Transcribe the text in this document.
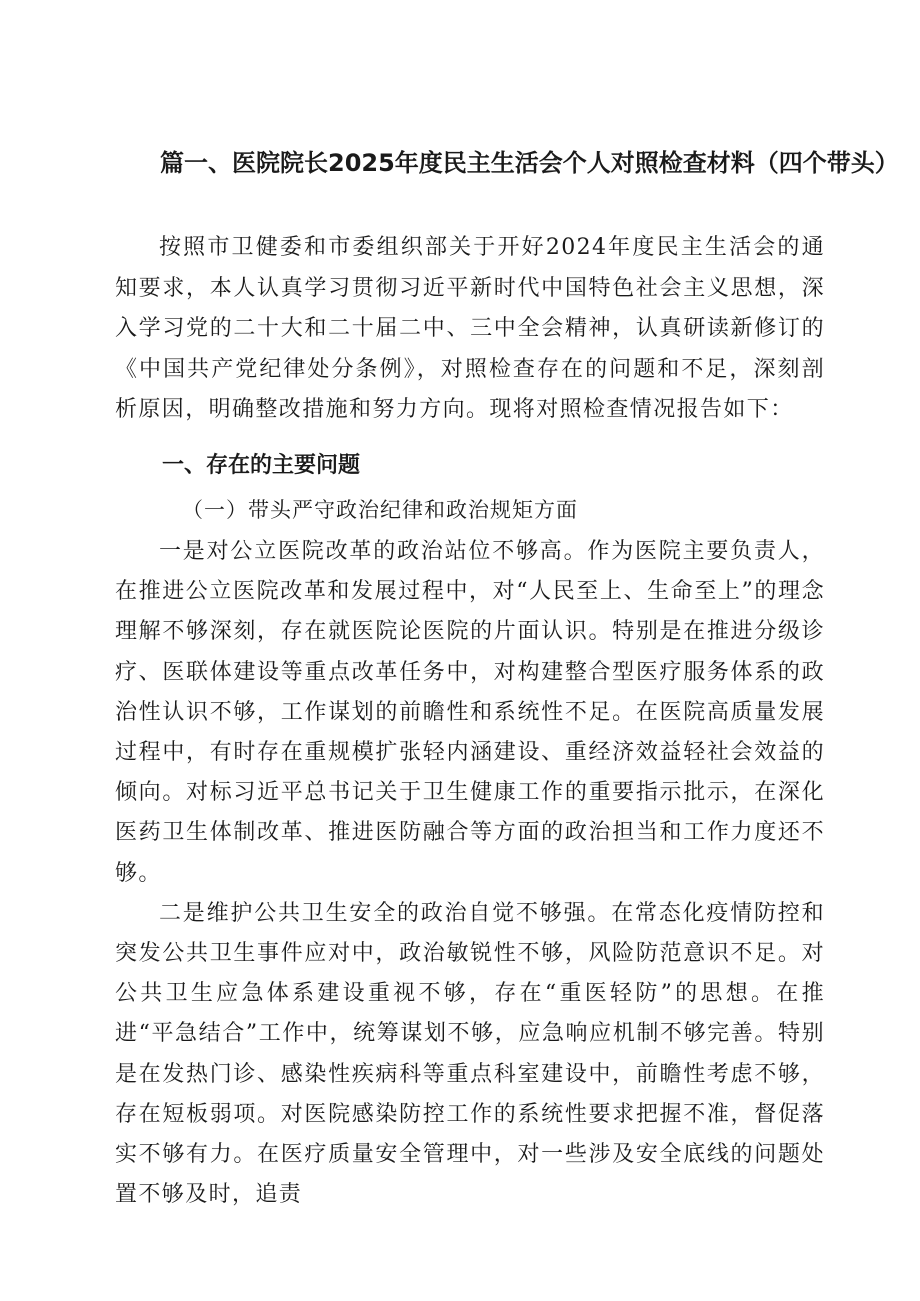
篇一、医院院长2025年度民主生活会个人对照检查材料（四个带头）

按照市卫健委和市委组织部关于开好2024年度民主生活会的通知要求，本人认真学习贯彻习近平新时代中国特色社会主义思想，深入学习党的二十大和二十届二中、三中全会精神，认真研读新修订的《中国共产党纪律处分条例》，对照检查存在的问题和不足，深刻剖析原因，明确整改措施和努力方向。现将对照检查情况报告如下：

一、存在的主要问题
（一）带头严守政治纪律和政治规矩方面

一是对公立医院改革的政治站位不够高。作为医院主要负责人，在推进公立医院改革和发展过程中，对“人民至上、生命至上”的理念理解不够深刻，存在就医院论医院的片面认识。特别是在推进分级诊疗、医联体建设等重点改革任务中，对构建整合型医疗服务体系的政治性认识不够，工作谋划的前瞻性和系统性不足。在医院高质量发展过程中，有时存在重规模扩张轻内涵建设、重经济效益轻社会效益的倾向。对标习近平总书记关于卫生健康工作的重要指示批示，在深化医药卫生体制改革、推进医防融合等方面的政治担当和工作力度还不够。

二是维护公共卫生安全的政治自觉不够强。在常态化疫情防控和突发公共卫生事件应对中，政治敏锐性不够，风险防范意识不足。对公共卫生应急体系建设重视不够，存在“重医轻防”的思想。在推进“平急结合”工作中，统筹谋划不够，应急响应机制不够完善。特别是在发热门诊、感染性疾病科等重点科室建设中，前瞻性考虑不够，存在短板弱项。对医院感染防控工作的系统性要求把握不准，督促落实不够有力。在医疗质量安全管理中，对一些涉及安全底线的问题处置不够及时，追责
